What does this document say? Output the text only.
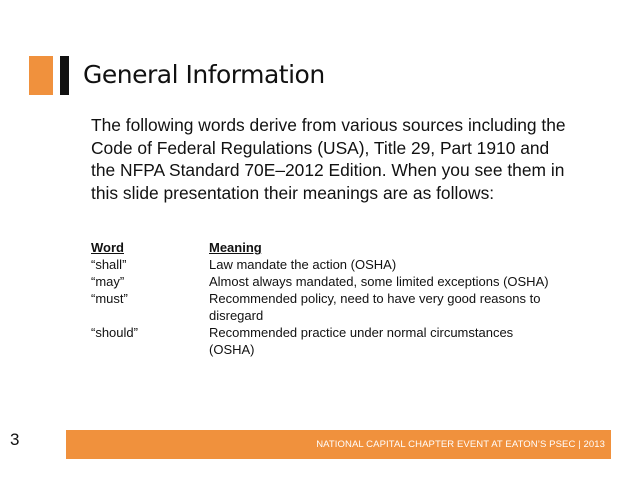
General Information

The following words derive from various sources including the Code of Federal Regulations (USA), Title 29, Part 1910 and the NFPA Standard 70E–2012 Edition. When you see them in this slide presentation their meanings are as follows:

Word	Meaning
“shall”	Law mandate the action (OSHA)
“may”	Almost always mandated, some limited exceptions (OSHA)
“must”	Recommended policy, need to have very good reasons to disregard
“should”	Recommended practice under normal circumstances (OSHA)
3	NATIONAL CAPITAL CHAPTER EVENT AT EATON’S PSEC | 2013
